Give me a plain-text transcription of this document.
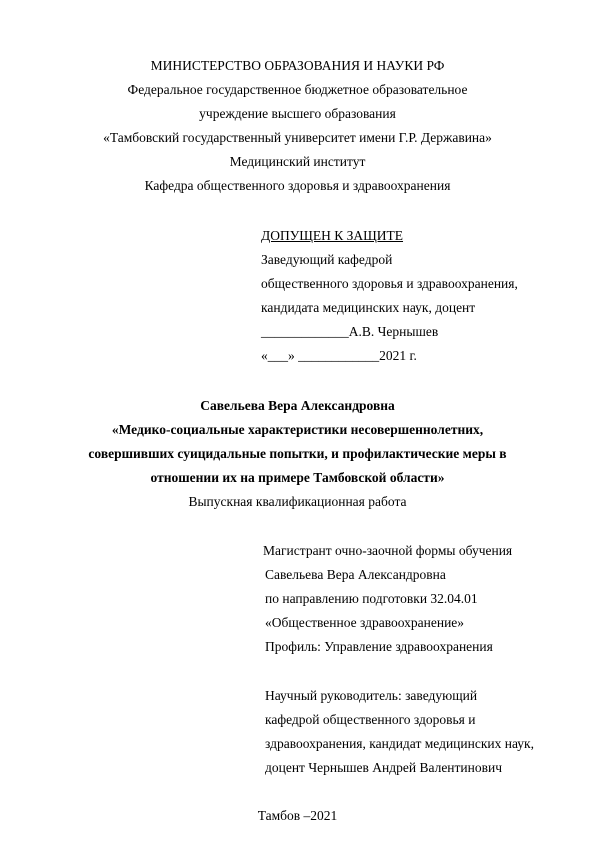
МИНИСТЕРСТВО ОБРАЗОВАНИЯ И НАУКИ РФ
Федеральное государственное бюджетное образовательное
учреждение высшего образования
«Тамбовский государственный университет имени Г.Р. Державина»
Медицинский институт
Кафедра общественного здоровья и здравоохранения
ДОПУЩЕН К ЗАЩИТЕ
Заведующий кафедрой
общественного здоровья и здравоохранения,
кандидата медицинских наук, доцент
_____________А.В. Чернышев
«___» ____________2021 г.
Савельева Вера Александровна
«Медико-социальные характеристики несовершеннолетних,
совершивших суицидальные попытки, и профилактические меры в
отношении их на примере Тамбовской области»
Выпускная квалификационная работа
Магистрант очно-заочной формы обучения
Савельева Вера Александровна
по направлению подготовки 32.04.01
«Общественное здравоохранение»
Профиль: Управление здравоохранения
Научный руководитель: заведующий
кафедрой общественного здоровья и
здравоохранения, кандидат медицинских наук,
доцент Чернышев Андрей Валентинович
Тамбов –2021
